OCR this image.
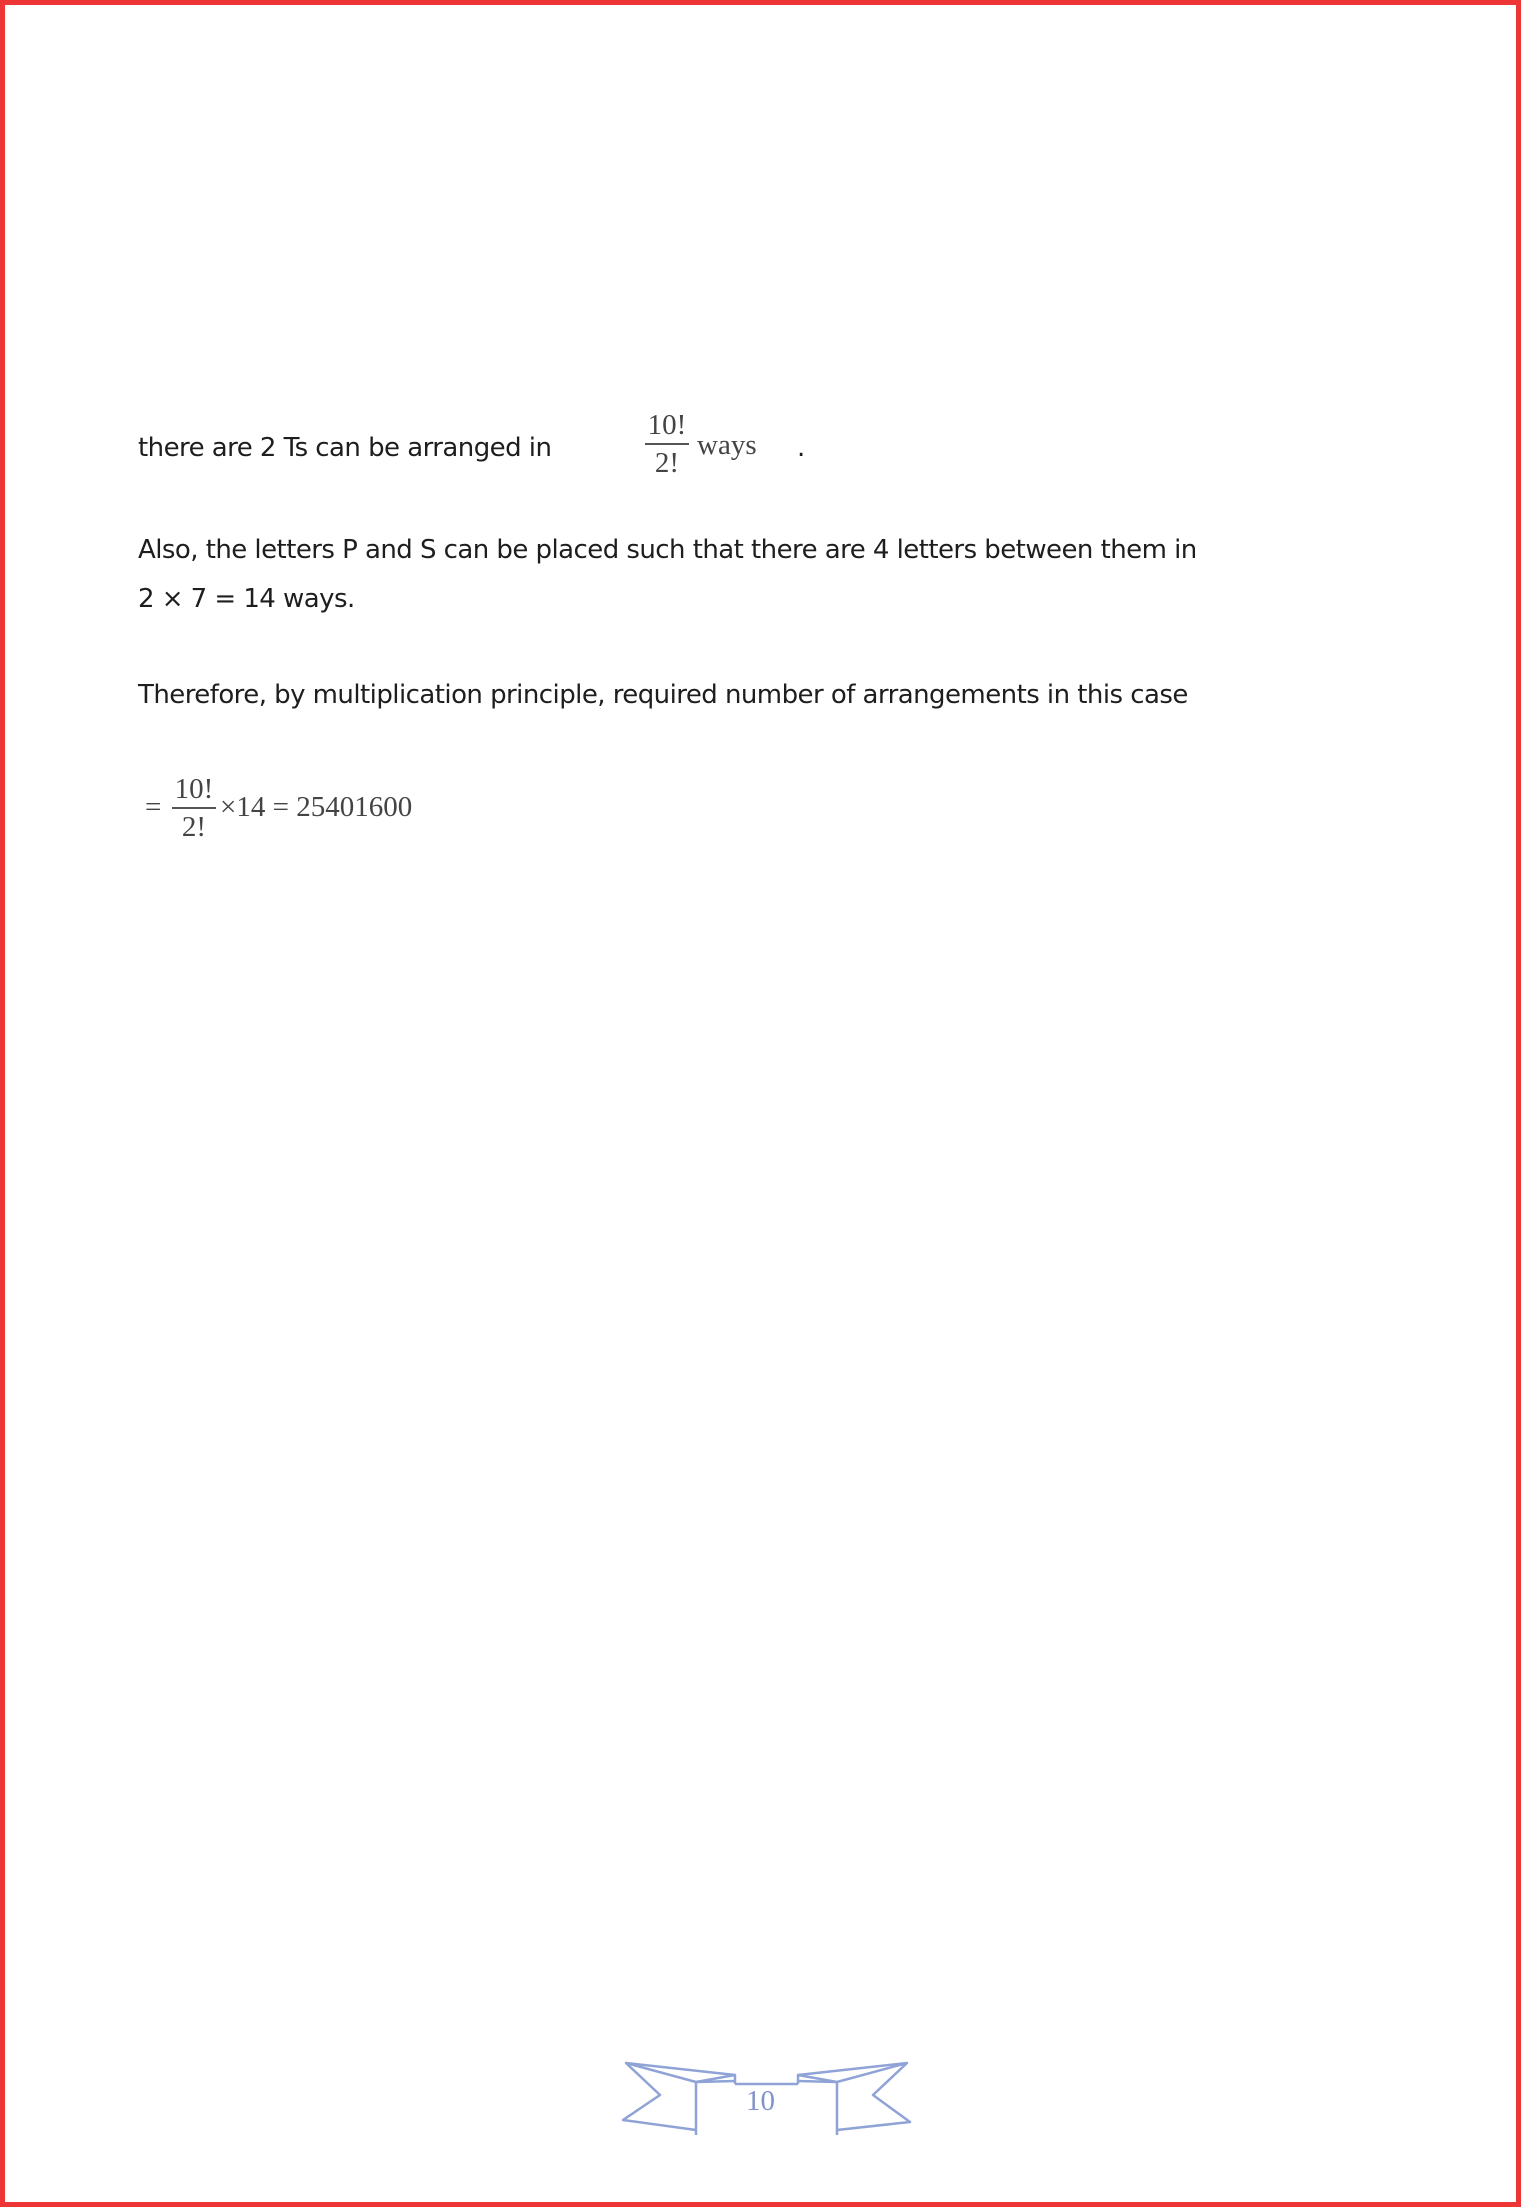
there are 2 Ts can be arranged in
10!
2!
ways .
Also, the letters P and S can be placed such that there are 4 letters between them in
2 × 7 = 14 ways.
Therefore, by multiplication principle, required number of arrangements in this case
=
10!
2!
×14 = 25401600
10
